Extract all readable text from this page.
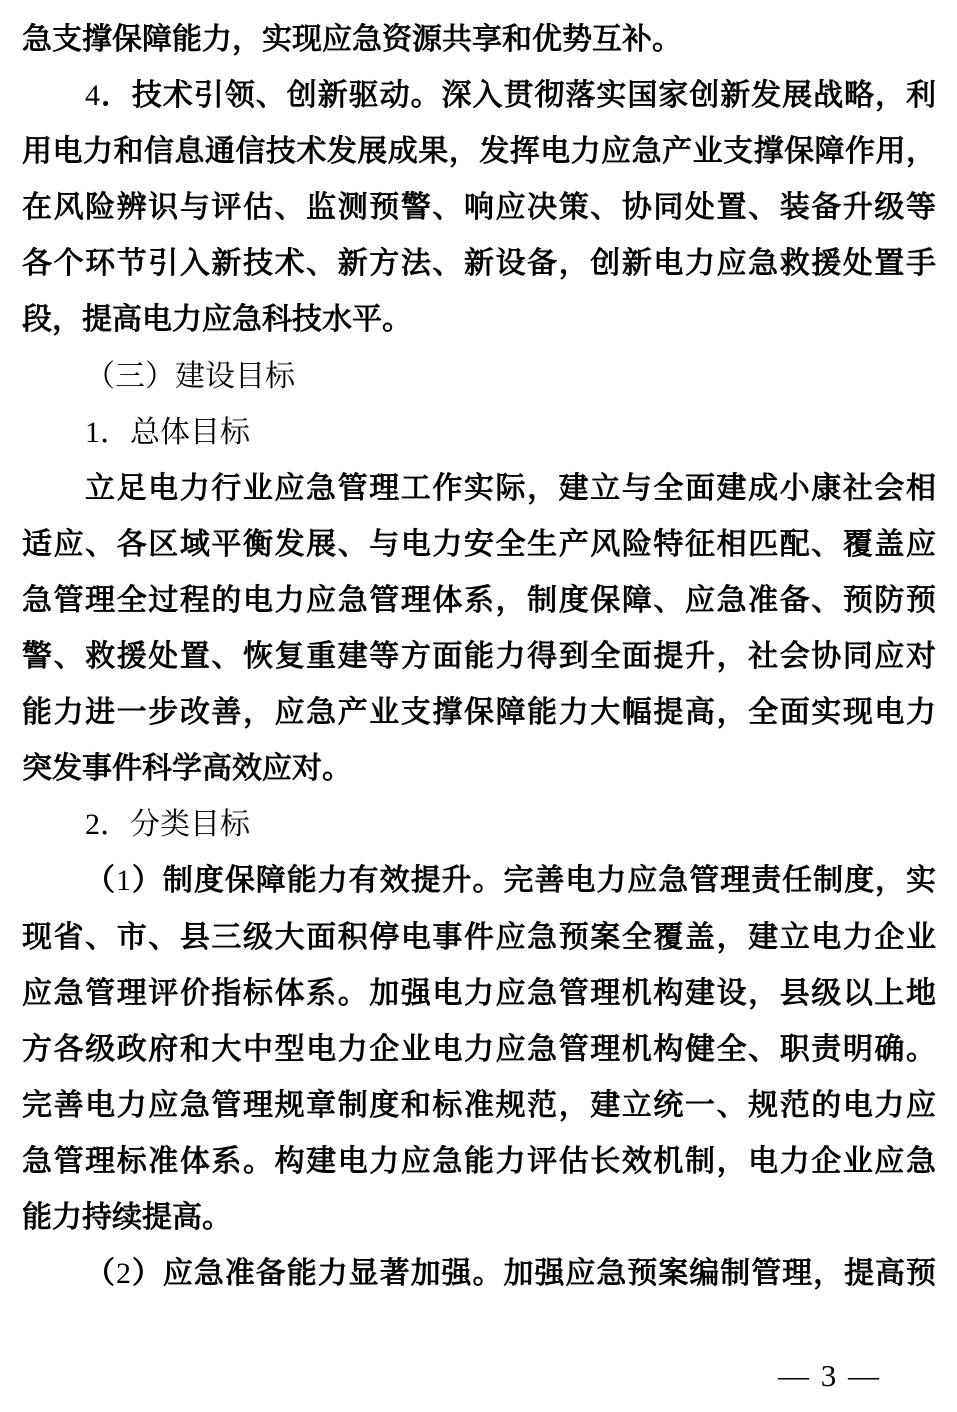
急支撑保障能力，实现应急资源共享和优势互补。
4．技术引领、创新驱动。深入贯彻落实国家创新发展战略，利
用电力和信息通信技术发展成果，发挥电力应急产业支撑保障作用，
在风险辨识与评估、监测预警、响应决策、协同处置、装备升级等
各个环节引入新技术、新方法、新设备，创新电力应急救援处置手
段，提高电力应急科技水平。
（三）建设目标
1．总体目标
立足电力行业应急管理工作实际，建立与全面建成小康社会相
适应、各区域平衡发展、与电力安全生产风险特征相匹配、覆盖应
急管理全过程的电力应急管理体系，制度保障、应急准备、预防预
警、救援处置、恢复重建等方面能力得到全面提升，社会协同应对
能力进一步改善，应急产业支撑保障能力大幅提高，全面实现电力
突发事件科学高效应对。
2．分类目标
（1）制度保障能力有效提升。完善电力应急管理责任制度，实
现省、市、县三级大面积停电事件应急预案全覆盖，建立电力企业
应急管理评价指标体系。加强电力应急管理机构建设，县级以上地
方各级政府和大中型电力企业电力应急管理机构健全、职责明确。
完善电力应急管理规章制度和标准规范，建立统一、规范的电力应
急管理标准体系。构建电力应急能力评估长效机制，电力企业应急
能力持续提高。
（2）应急准备能力显著加强。加强应急预案编制管理，提高预
— 3 —
